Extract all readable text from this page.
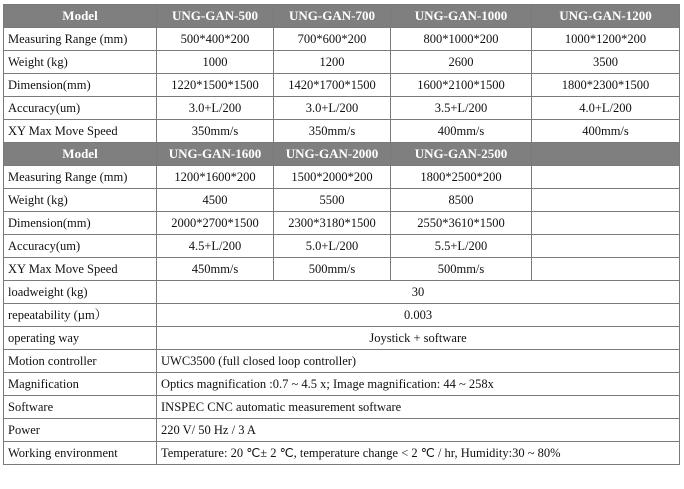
Model	UNG-GAN-500	UNG-GAN-700	UNG-GAN-1000	UNG-GAN-1200
Measuring Range (mm)	500*400*200	700*600*200	800*1000*200	1000*1200*200
Weight (kg)	1000	1200	2600	3500
Dimension(mm)	1220*1500*1500	1420*1700*1500	1600*2100*1500	1800*2300*1500
Accuracy(um)	3.0+L/200	3.0+L/200	3.5+L/200	4.0+L/200
XY Max Move Speed	350mm/s	350mm/s	400mm/s	400mm/s
Model	UNG-GAN-1600	UNG-GAN-2000	UNG-GAN-2500	
Measuring Range (mm)	1200*1600*200	1500*2000*200	1800*2500*200	
Weight (kg)	4500	5500	8500	
Dimension(mm)	2000*2700*1500	2300*3180*1500	2550*3610*1500	
Accuracy(um)	4.5+L/200	5.0+L/200	5.5+L/200	
XY Max Move Speed	450mm/s	500mm/s	500mm/s	
loadweight (kg)	30			
repeatability (µm）	0.003			
operating way	Joystick + software			
Motion controller	UWC3500 (full closed loop controller)			
Magnification	Optics magnification :0.7 ~ 4.5 x; Image magnification: 44 ~ 258x			
Software	INSPEC CNC automatic measurement software			
Power	220 V/ 50 Hz / 3 A			
Working environment	Temperature: 20 ℃± 2 ℃, temperature change < 2 ℃ / hr, Humidity:30 ~ 80%			
